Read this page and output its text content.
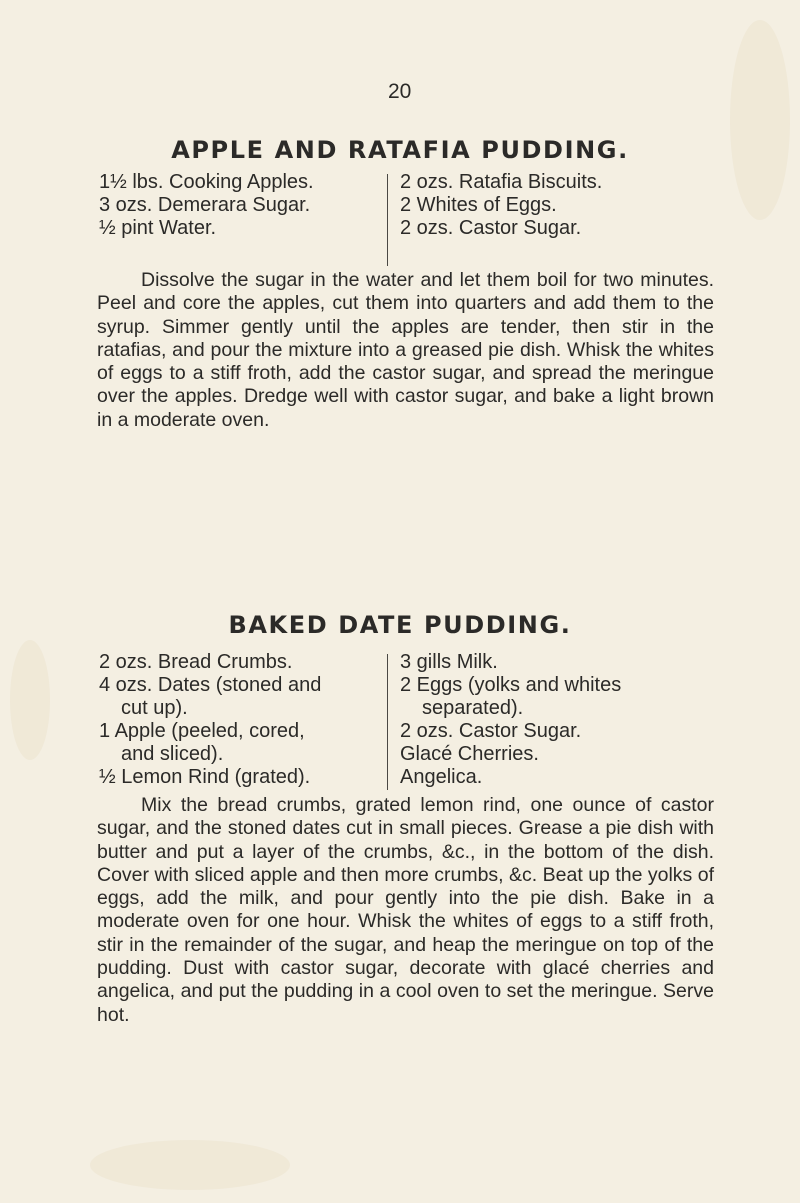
20
APPLE AND RATAFIA PUDDING.
1½ lbs. Cooking Apples.
3 ozs. Demerara Sugar.
½ pint Water.
2 ozs. Ratafia Biscuits.
2 Whites of Eggs.
2 ozs. Castor Sugar.
Dissolve the sugar in the water and let them boil for two minutes. Peel and core the apples, cut them into quarters and add them to the syrup. Simmer gently until the apples are tender, then stir in the ratafias, and pour the mixture into a greased pie dish. Whisk the whites of eggs to a stiff froth, add the castor sugar, and spread the meringue over the apples. Dredge well with castor sugar, and bake a light brown in a moderate oven.
BAKED DATE PUDDING.
2 ozs. Bread Crumbs.
4 ozs. Dates (stoned and
cut up).
1 Apple (peeled, cored,
and sliced).
½ Lemon Rind (grated).
3 gills Milk.
2 Eggs (yolks and whites
separated).
2 ozs. Castor Sugar.
Glacé Cherries.
Angelica.
Mix the bread crumbs, grated lemon rind, one ounce of castor sugar, and the stoned dates cut in small pieces. Grease a pie dish with butter and put a layer of the crumbs, &c., in the bottom of the dish. Cover with sliced apple and then more crumbs, &c. Beat up the yolks of eggs, add the milk, and pour gently into the pie dish. Bake in a moderate oven for one hour. Whisk the whites of eggs to a stiff froth, stir in the remainder of the sugar, and heap the meringue on top of the pudding. Dust with castor sugar, decorate with glacé cherries and angelica, and put the pudding in a cool oven to set the meringue. Serve hot.
